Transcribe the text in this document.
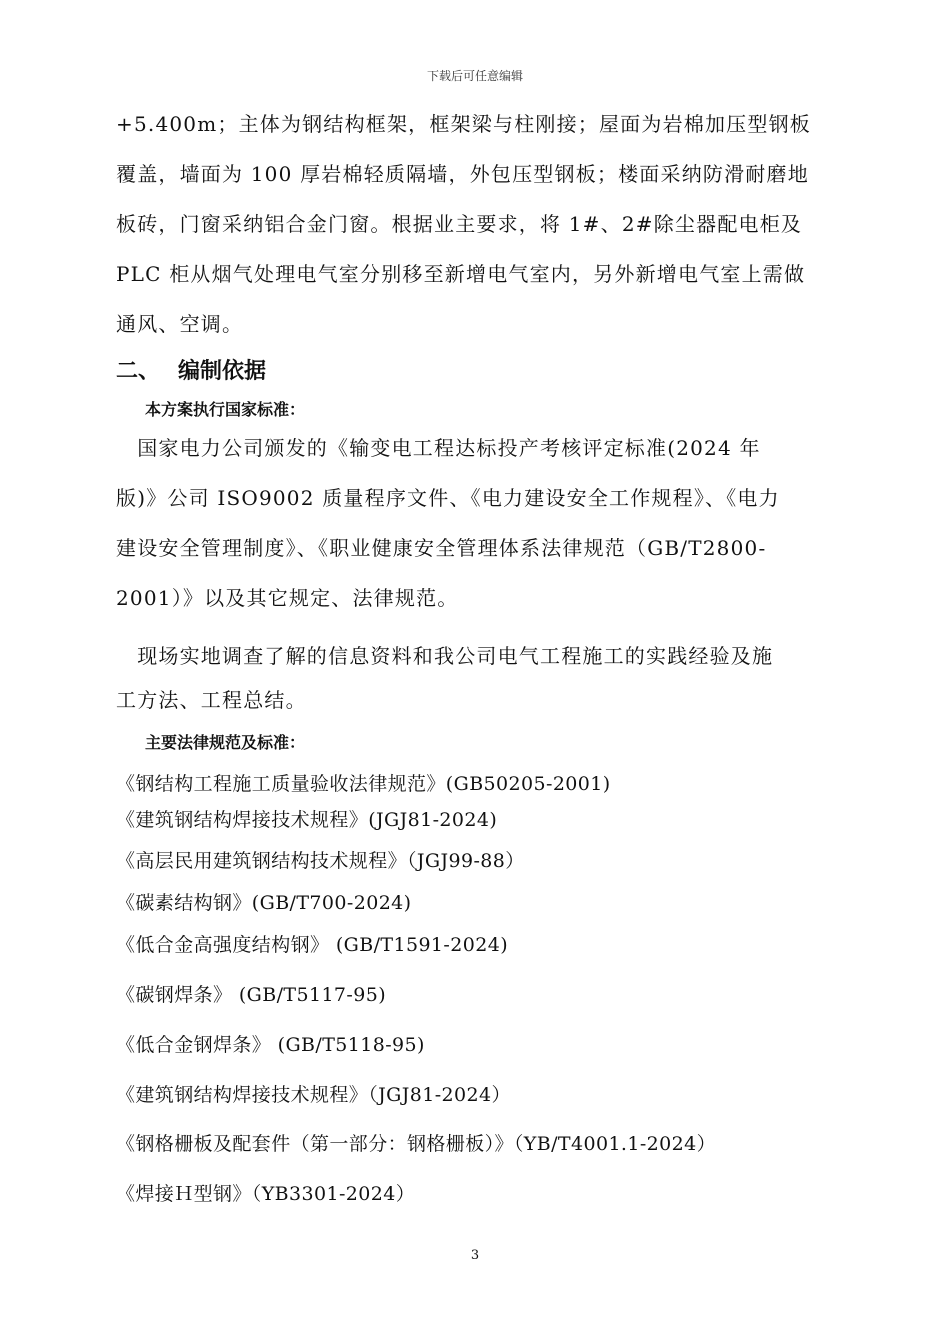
下载后可任意编辑
+5.400m；主体为钢结构框架，框架梁与柱刚接；屋面为岩棉加压型钢板
覆盖，墙面为 100 厚岩棉轻质隔墙，外包压型钢板；楼面采纳防滑耐磨地
板砖，门窗采纳铝合金门窗。根据业主要求，将 1#、2#除尘器配电柜及
PLC 柜从烟气处理电气室分别移至新增电气室内，另外新增电气室上需做
通风、空调。
二、 编制依据
本方案执行国家标准：
　国家电力公司颁发的《输变电工程达标投产考核评定标准(2024 年
版)》公司 ISO9002 质量程序文件、《电力建设安全工作规程》、《电力
建设安全管理制度》、《职业健康安全管理体系法律规范（GB/T2800-
2001）》以及其它规定、法律规范。
　现场实地调查了解的信息资料和我公司电气工程施工的实践经验及施
工方法、工程总结。
主要法律规范及标准：
《钢结构工程施工质量验收法律规范》(GB50205-2001)
《建筑钢结构焊接技术规程》(JGJ81-2024)
《高层民用建筑钢结构技术规程》（JGJ99-88）
《碳素结构钢》(GB/T700-2024)
《低合金高强度结构钢》 (GB/T1591-2024)
《碳钢焊条》 (GB/T5117-95)
《低合金钢焊条》 (GB/T5118-95)
《建筑钢结构焊接技术规程》（JGJ81-2024）
《钢格栅板及配套件（第一部分：钢格栅板）》（YB/T4001.1-2024）
《焊接Ｈ型钢》（YB3301-2024）
3
